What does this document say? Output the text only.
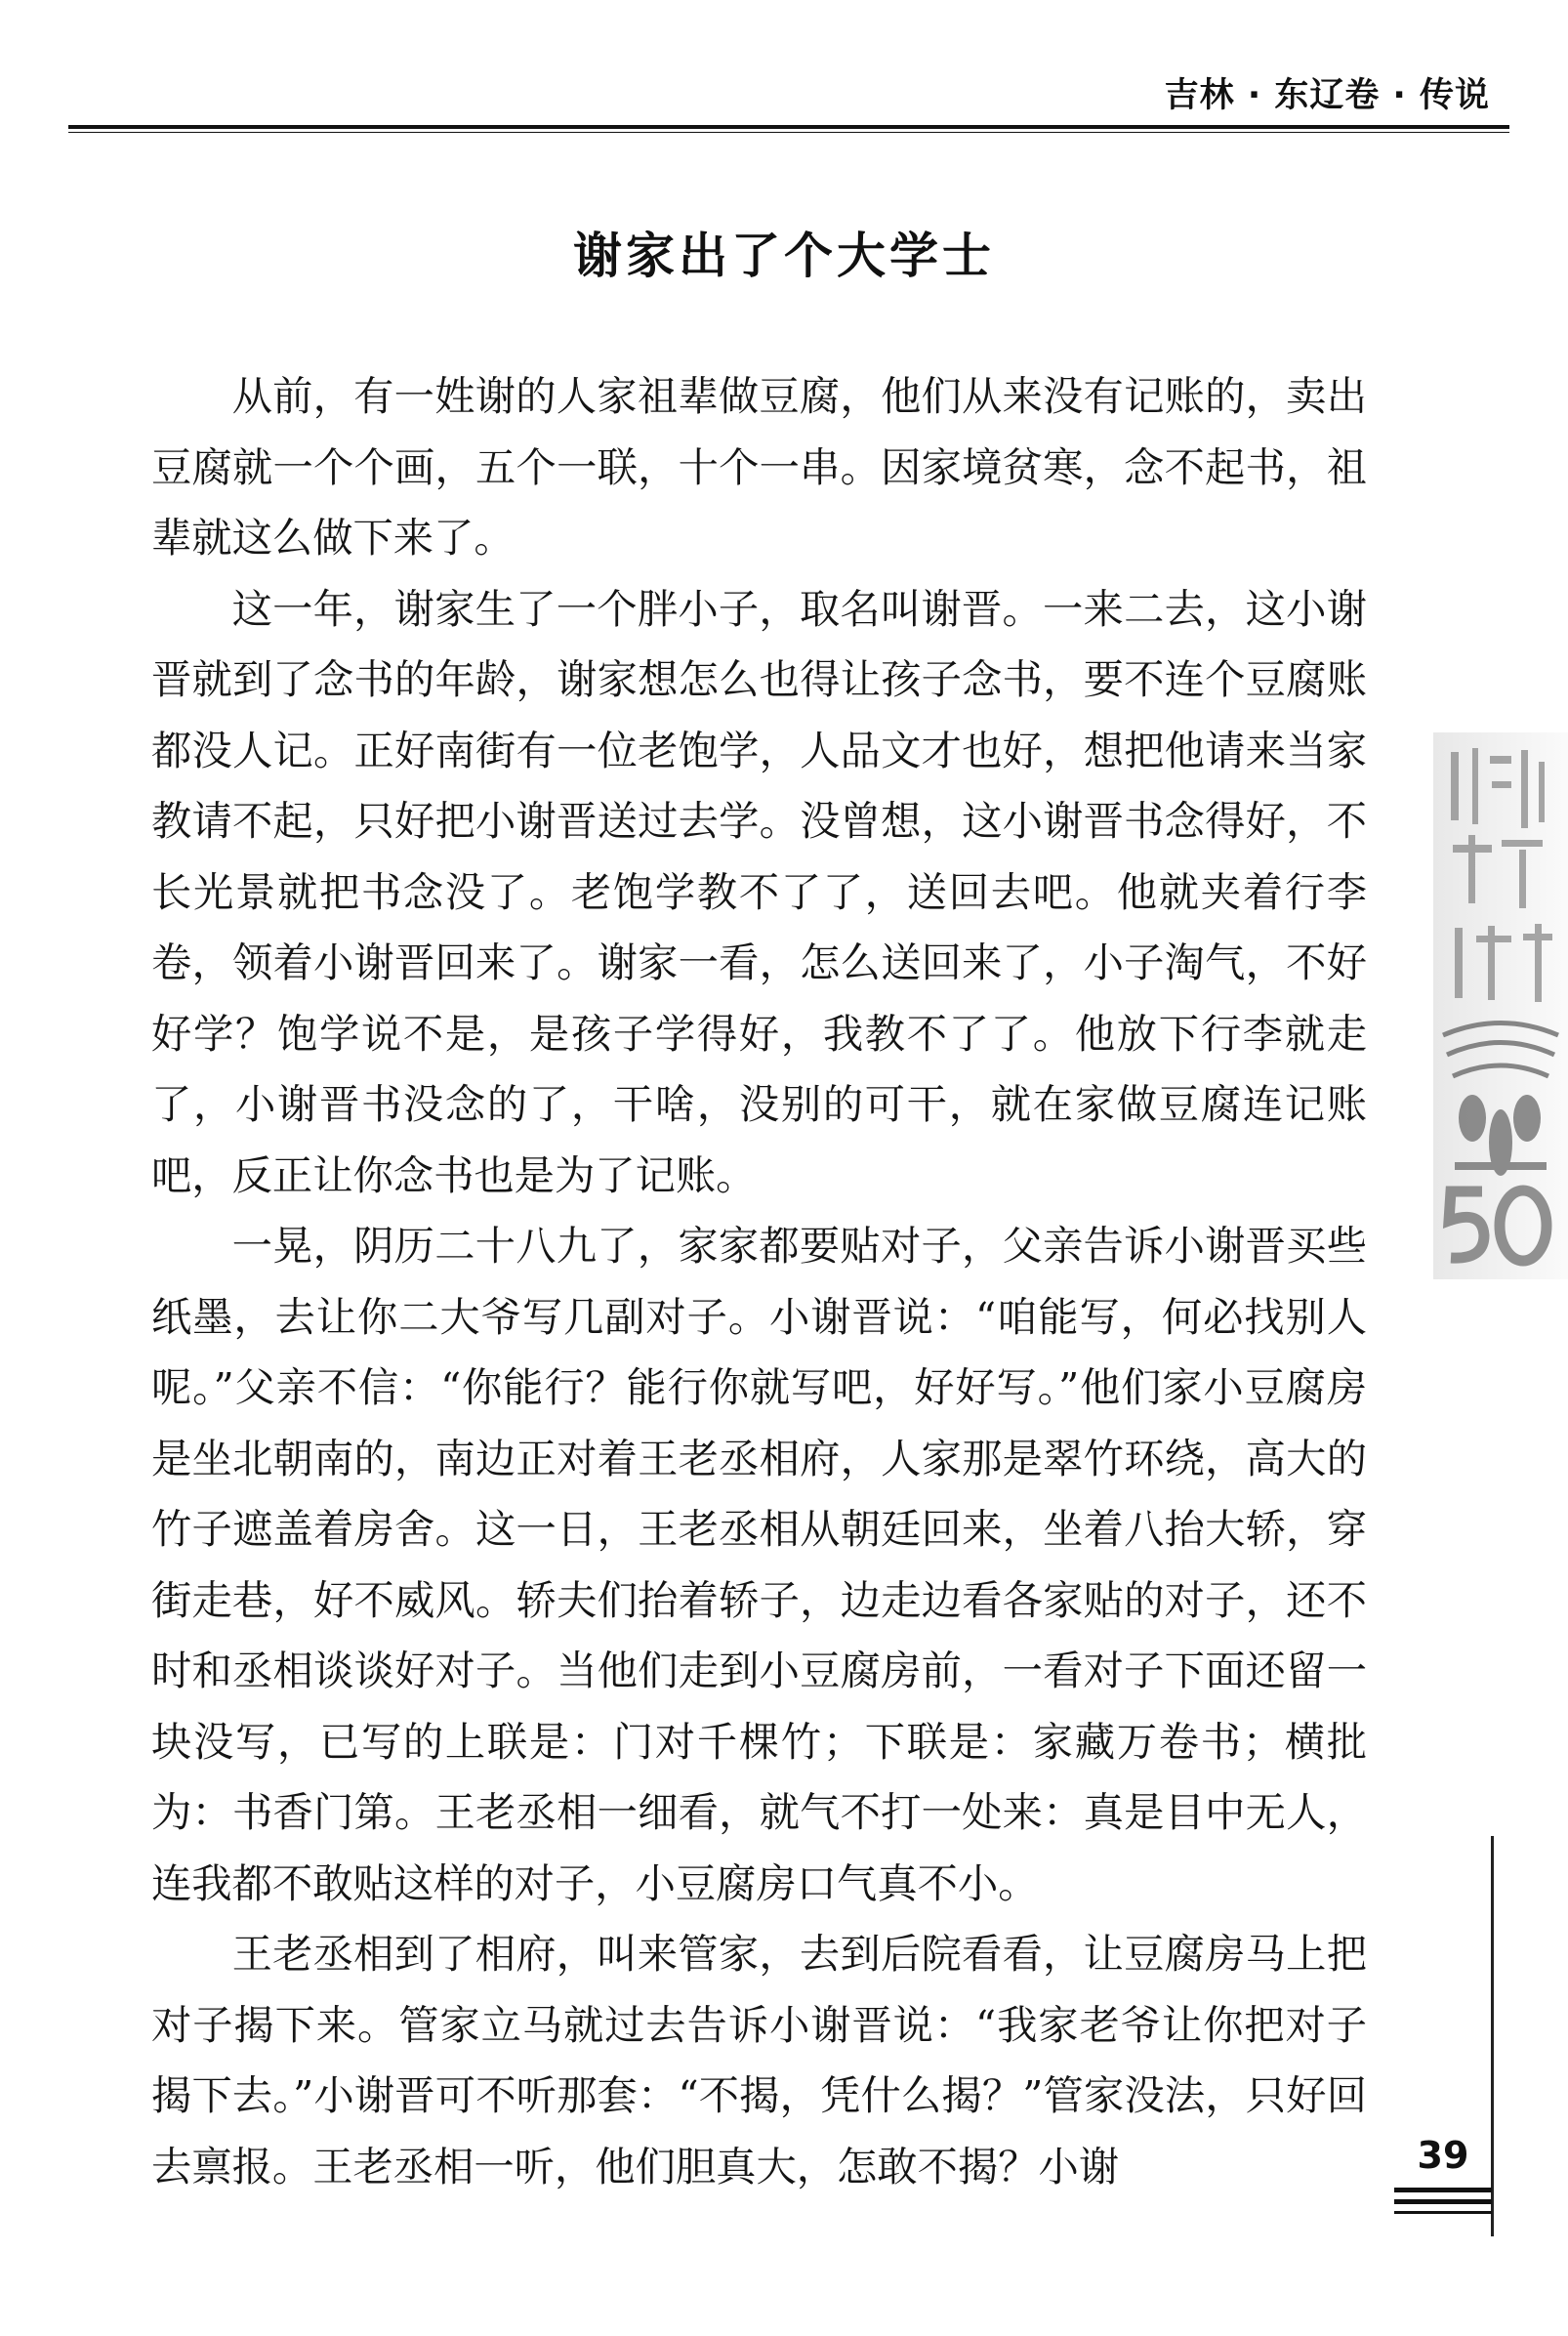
吉林 · 东辽卷 · 传说
谢家出了个大学士

从前，有一姓谢的人家祖辈做豆腐，他们从来没有记账的，卖出豆腐就一个个画，五个一联，十个一串。因家境贫寒，念不起书，祖辈就这么做下来了。

这一年，谢家生了一个胖小子，取名叫谢晋。一来二去，这小谢晋就到了念书的年龄，谢家想怎么也得让孩子念书，要不连个豆腐账都没人记。正好南街有一位老饱学，人品文才也好，想把他请来当家教请不起，只好把小谢晋送过去学。没曾想，这小谢晋书念得好，不长光景就把书念没了。老饱学教不了了，送回去吧。他就夹着行李卷，领着小谢晋回来了。谢家一看，怎么送回来了，小子淘气，不好好学？饱学说不是，是孩子学得好，我教不了了。他放下行李就走了，小谢晋书没念的了，干啥，没别的可干，就在家做豆腐连记账吧，反正让你念书也是为了记账。

一晃，阴历二十八九了，家家都要贴对子，父亲告诉小谢晋买些纸墨，去让你二大爷写几副对子。小谢晋说：“咱能写，何必找别人呢。”父亲不信：“你能行？能行你就写吧，好好写。”他们家小豆腐房是坐北朝南的，南边正对着王老丞相府，人家那是翠竹环绕，高大的竹子遮盖着房舍。这一日，王老丞相从朝廷回来，坐着八抬大轿，穿街走巷，好不威风。轿夫们抬着轿子，边走边看各家贴的对子，还不时和丞相谈谈好对子。当他们走到小豆腐房前，一看对子下面还留一块没写，已写的上联是：门对千棵竹；下联是：家藏万卷书；横批为：书香门第。王老丞相一细看，就气不打一处来：真是目中无人，连我都不敢贴这样的对子，小豆腐房口气真不小。

王老丞相到了相府，叫来管家，去到后院看看，让豆腐房马上把对子揭下来。管家立马就过去告诉小谢晋说：“我家老爷让你把对子揭下去。”小谢晋可不听那套：“不揭，凭什么揭？”管家没法，只好回去禀报。王老丞相一听，他们胆真大，怎敢不揭？小谢	39
